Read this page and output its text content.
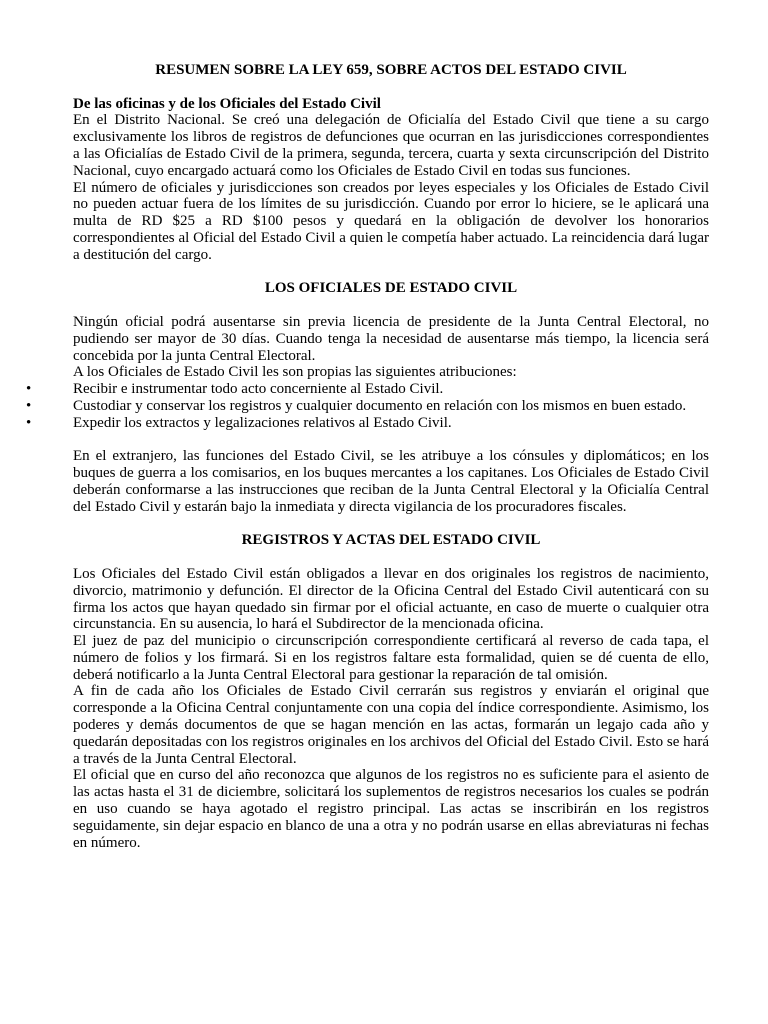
RESUMEN SOBRE LA LEY 659, SOBRE ACTOS DEL ESTADO CIVIL

De las oficinas y de los Oficiales del Estado Civil

En el Distrito Nacional. Se creó una delegación de Oficialía del Estado Civil que tiene a su cargo exclusivamente los libros de registros de defunciones que ocurran en las jurisdicciones correspondientes a las Oficialías de Estado Civil de la primera, segunda, tercera, cuarta y sexta circunscripción del Distrito Nacional, cuyo encargado actuará como los Oficiales de Estado Civil en todas sus funciones.

El número de oficiales y jurisdicciones son creados por leyes especiales y los Oficiales de Estado Civil no pueden actuar fuera de los límites de su jurisdicción. Cuando por error lo hiciere, se le aplicará una multa de RD $25 a RD $100 pesos y quedará en la obligación de devolver los honorarios correspondientes al Oficial del Estado Civil a quien le competía haber actuado. La reincidencia dará lugar a destitución del cargo.

LOS OFICIALES DE ESTADO CIVIL

Ningún oficial podrá ausentarse sin previa licencia de presidente de la Junta Central Electoral, no pudiendo ser mayor de 30 días. Cuando tenga la necesidad de ausentarse más tiempo, la licencia será concebida por la junta Central Electoral.

A los Oficiales de Estado Civil les son propias las siguientes atribuciones:

•	Recibir e instrumentar todo acto concerniente al Estado Civil.
•	Custodiar y conservar los registros y cualquier documento en relación con los mismos en buen estado.
•	Expedir los extractos y legalizaciones relativos al Estado Civil.

En el extranjero, las funciones del Estado Civil, se les atribuye a los cónsules y diplomáticos; en los buques de guerra a los comisarios, en los buques mercantes a los capitanes. Los Oficiales de Estado Civil deberán conformarse a las instrucciones que reciban de la Junta Central Electoral y la Oficialía Central del Estado Civil y estarán bajo la inmediata y directa vigilancia de los procuradores fiscales.

REGISTROS Y ACTAS DEL ESTADO CIVIL

Los Oficiales del Estado Civil están obligados a llevar en dos originales los registros de nacimiento, divorcio, matrimonio y defunción. El director de la Oficina Central del Estado Civil autenticará con su firma los actos que hayan quedado sin firmar por el oficial actuante, en caso de muerte o cualquier otra circunstancia. En su ausencia, lo hará el Subdirector de la mencionada oficina.

El juez de paz del municipio o circunscripción correspondiente certificará al reverso de cada tapa, el número de folios y los firmará. Si en los registros faltare esta formalidad, quien se dé cuenta de ello, deberá notificarlo a la Junta Central Electoral para gestionar la reparación de tal omisión.

A fin de cada año los Oficiales de Estado Civil cerrarán sus registros y enviarán el original que corresponde a la Oficina Central conjuntamente con una copia del índice correspondiente. Asimismo, los poderes y demás documentos de que se hagan mención en las actas, formarán un legajo cada año y quedarán depositadas con los registros originales en los archivos del Oficial del Estado Civil. Esto se hará a través de la Junta Central Electoral.

El oficial que en curso del año reconozca que algunos de los registros no es suficiente para el asiento de las actas hasta el 31 de diciembre, solicitará los suplementos de registros necesarios los cuales se podrán en uso cuando se haya agotado el registro principal. Las actas se inscribirán en los registros seguidamente, sin dejar espacio en blanco de una a otra y no podrán usarse en ellas abreviaturas ni fechas en número.
